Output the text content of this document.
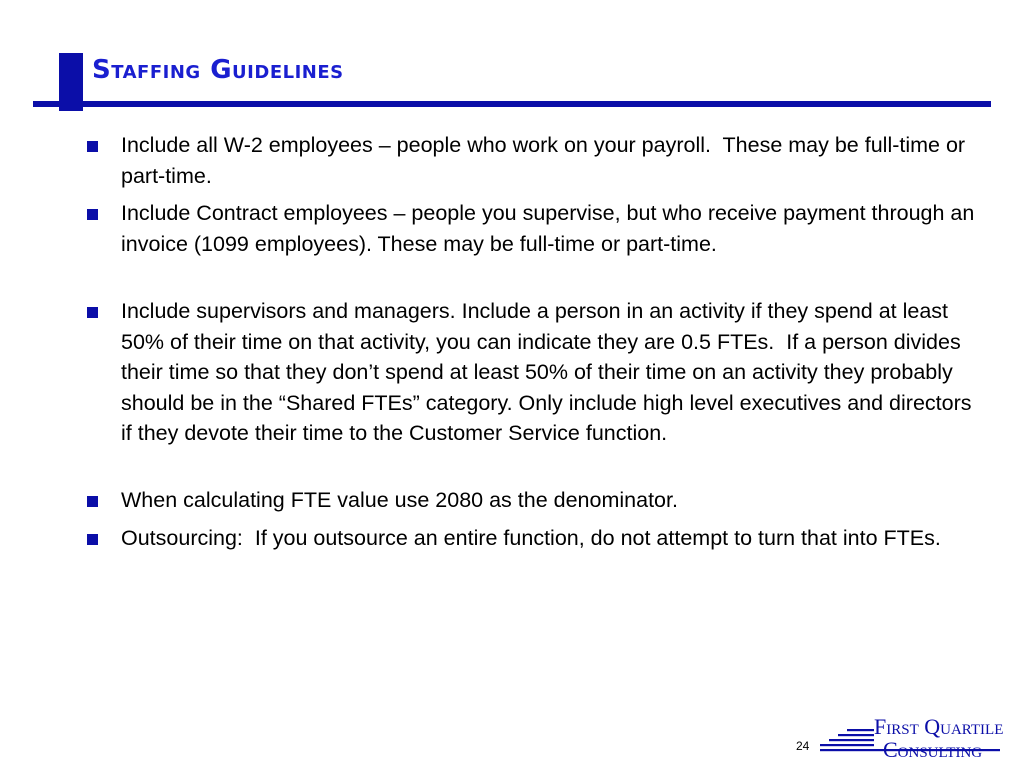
Staffing Guidelines
Include all W-2 employees – people who work on your payroll.  These may be full-time or part-time.
Include Contract employees – people you supervise, but who receive payment through an invoice (1099 employees). These may be full-time or part-time.
Include supervisors and managers. Include a person in an activity if they spend at least 50% of their time on that activity, you can indicate they are 0.5 FTEs.  If a person divides their time so that they don’t spend at least 50% of their time on an activity they probably should be in the “Shared FTEs” category. Only include high level executives and directors if they devote their time to the Customer Service function.
When calculating FTE value use 2080 as the denominator.
Outsourcing:  If you outsource an entire function, do not attempt to turn that into FTEs.
24
First Quartile
Consulting
